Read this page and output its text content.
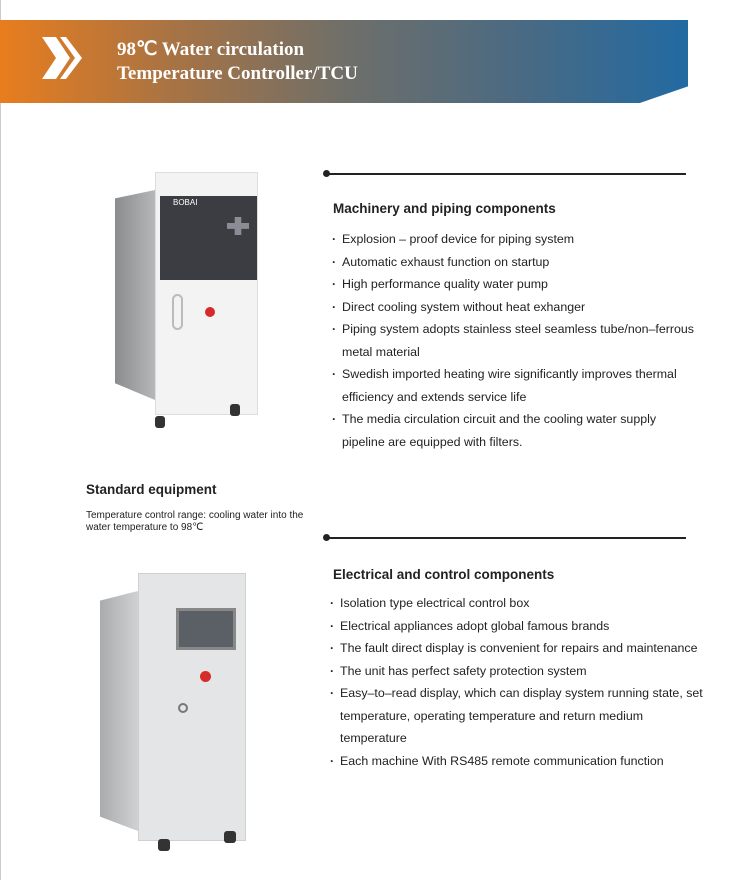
98℃ Water circulation
Temperature Controller/TCU
BOBAI	Machinery and piping components
· Explosion – proof device for piping system
· Automatic exhaust function on startup
· High performance quality water pump
· Direct cooling system without heat exhanger
· Piping system adopts stainless steel seamless tube/non–ferrous metal material
· Swedish imported heating wire significantly improves thermal efficiency and extends service life
· The media circulation circuit and the cooling water supply pipeline are equipped with filters.
Standard equipment
Temperature control range: cooling water into the water temperature to 98℃
Electrical and control components
· Isolation type electrical control box
· Electrical appliances adopt global famous brands
· The fault direct display is convenient for repairs and maintenance
· The unit has perfect safety protection system
· Easy–to–read display, which can display system running state, set temperature, operating temperature and return medium temperature
· Each machine With RS485 remote communication function
